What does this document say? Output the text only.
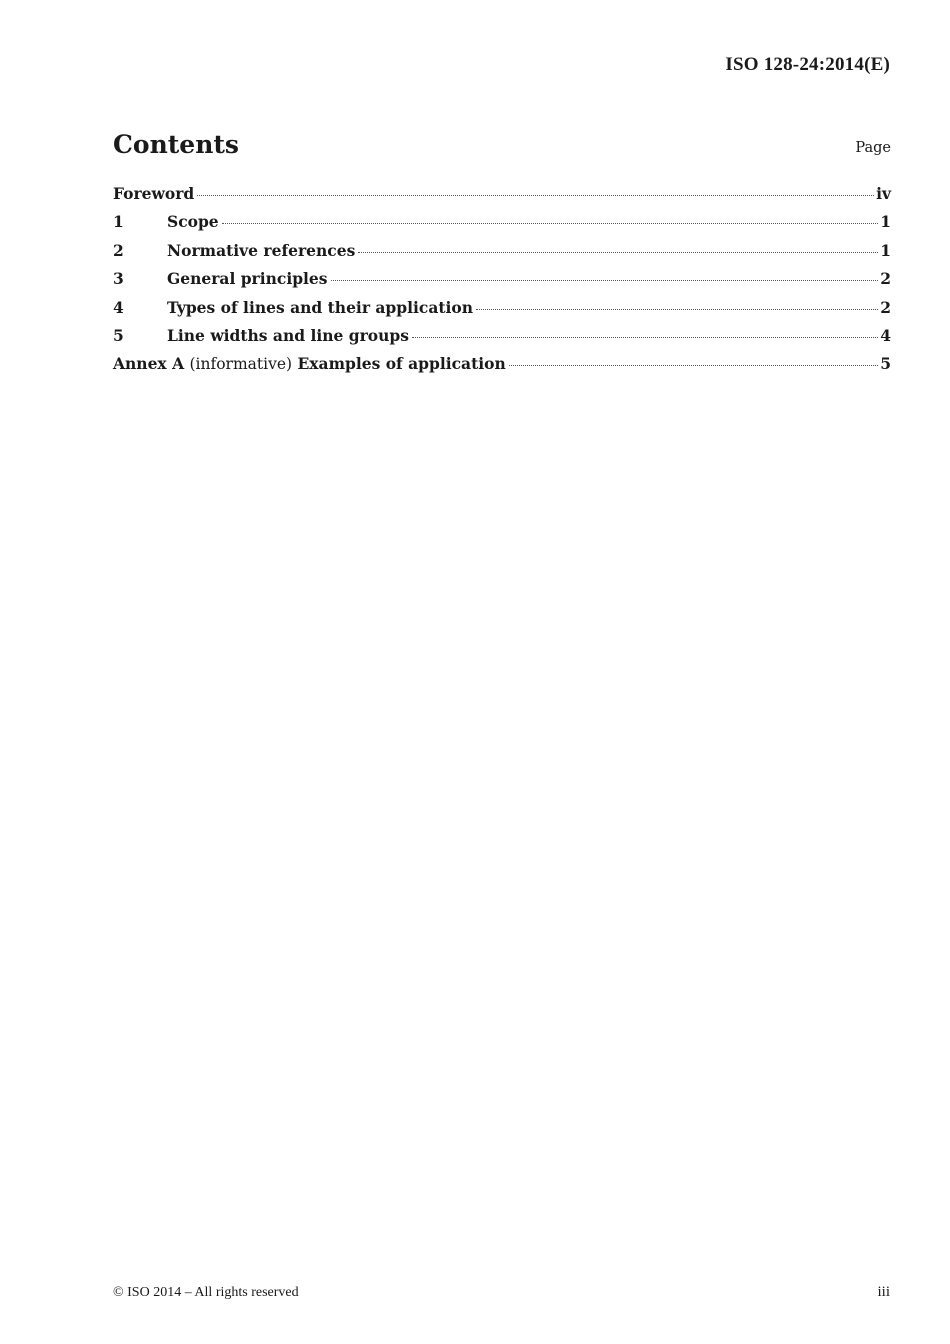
ISO 128-24:2014(E)
Contents	Page
Foreword	iv
1	Scope	1
2	Normative references	1
3	General principles	2
4	Types of lines and their application	2
5	Line widths and line groups	4
Annex A (informative) Examples of application	5
© ISO 2014 – All rights reserved	iii
